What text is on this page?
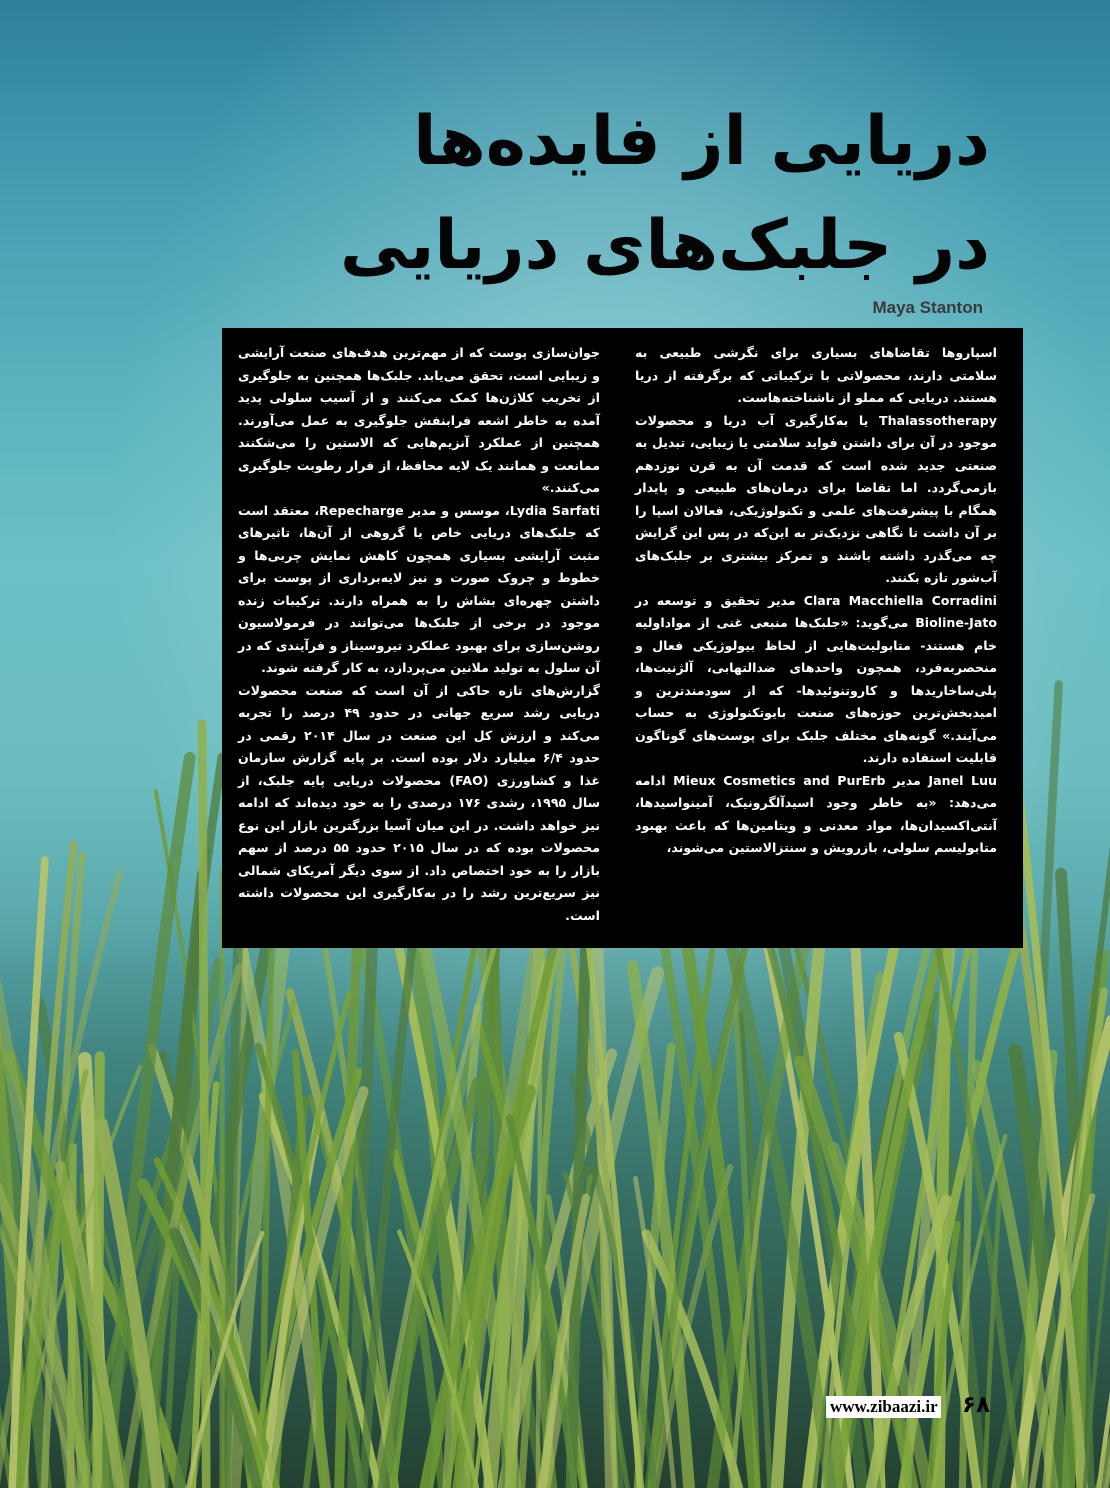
دریایی از فایده‌ها
در جلبک‌های دریایی
Maya Stanton

اسپاروها تقاضاهای بسیاری برای نگرشی طبیعی به سلامتی دارند، محصولاتی با ترکیباتی که برگرفته از دریا هستند. دریایی که مملو از ناشناخته‌هاست.

Thalassotherapy یا به‌کارگیری آب دریا و محصولات موجود در آن برای داشتن فواید سلامتی یا زیبایی، تبدیل به صنعتی جدید شده است که قدمت آن به قرن نوزدهم بازمی‌گردد. اما تقاضا برای درمان‌های طبیعی و پایدار همگام با پیشرفت‌های علمی و تکنولوژیکی، فعالان اسپا را بر آن داشت تا نگاهی نزدیک‌تر به این‌که در پس این گرایش چه می‌گذرد داشته باشند و تمرکز بیشتری بر جلبک‌های آب‌شور تازه بکنند.

Clara Macchiella Corradini مدیر تحقیق و توسعه در Bioline-Jato می‌گوید: «جلبک‌ها منبعی غنی از مواداولیه خام هستند- متابولیت‌هایی از لحاظ بیولوژیکی فعال و منحصربه‌فرد، همچون واحدهای ضدالتهابی، آلژنیت‌ها، پلی‌ساخاریدها و کاروتنوئیدها- که از سودمندترین و امیدبخش‌ترین حوزه‌های صنعت بایوتکنولوژی به حساب می‌آیند.» گونه‌های مختلف جلبک برای پوست‌های گوناگون قابلیت استفاده دارند.

Janel Luu مدیر Mieux Cosmetics and PurErb ادامه می‌دهد: «به خاطر وجود اسیدآلگرونیک، آمینواسیدها، آنتی‌اکسیدان‌ها، مواد معدنی و ویتامین‌ها که باعث بهبود متابولیسم سلولی، بازرویش و سنتزالاستین می‌شوند،

جوان‌سازی پوست که از مهم‌ترین هدف‌های صنعت آرایشی و زیبایی است، تحقق می‌یابد. جلبک‌ها همچنین به جلوگیری از تخریب کلاژن‌ها کمک می‌کنند و از آسیب سلولی پدید آمده به خاطر اشعه فرابنفش جلوگیری به عمل می‌آورند. همچنین از عملکرد آنزیم‌هایی که الاستین را می‌شکنند ممانعت و همانند یک لایه محافظ، از فرار رطوبت جلوگیری می‌کنند.»

Lydia Sarfati، موسس و مدیر Repecharge، معتقد است که جلبک‌های دریایی خاص یا گروهی از آن‌ها، تاثیرهای مثبت آرایشی بسیاری همچون کاهش نمایش چربی‌ها و خطوط و چروک صورت و نیز لایه‌برداری از پوست برای داشتن چهره‌ای بشاش را به همراه دارند. ترکیبات زنده موجود در برخی از جلبک‌ها می‌توانند در فرمولاسیون روشن‌سازی برای بهبود عملکرد تیروسیناز و فرآیندی که در آن سلول به تولید ملانین می‌پردازد، به کار گرفته شوند.

گزارش‌های تازه حاکی از آن است که صنعت محصولات دریایی رشد سریع جهانی در حدود ۴۹ درصد را تجربه می‌کند و ارزش کل این صنعت در سال ۲۰۱۴ رقمی در حدود ۶/۴ میلیارد دلار بوده است. بر پایه گزارش سازمان غذا و کشاورزی (FAO) محصولات دریایی پایه جلبک، از سال ۱۹۹۵، رشدی ۱۷۶ درصدی را به خود دیده‌اند که ادامه نیز خواهد داشت. در این میان آسیا بزرگترین بازار این نوع محصولات بوده که در سال ۲۰۱۵ حدود ۵۵ درصد از سهم بازار را به خود اختصاص داد. از سوی دیگر آمریکای شمالی نیز سریع‌ترین رشد را در به‌کارگیری این محصولات داشته است.

www.zibaazi.ir ۶۸
